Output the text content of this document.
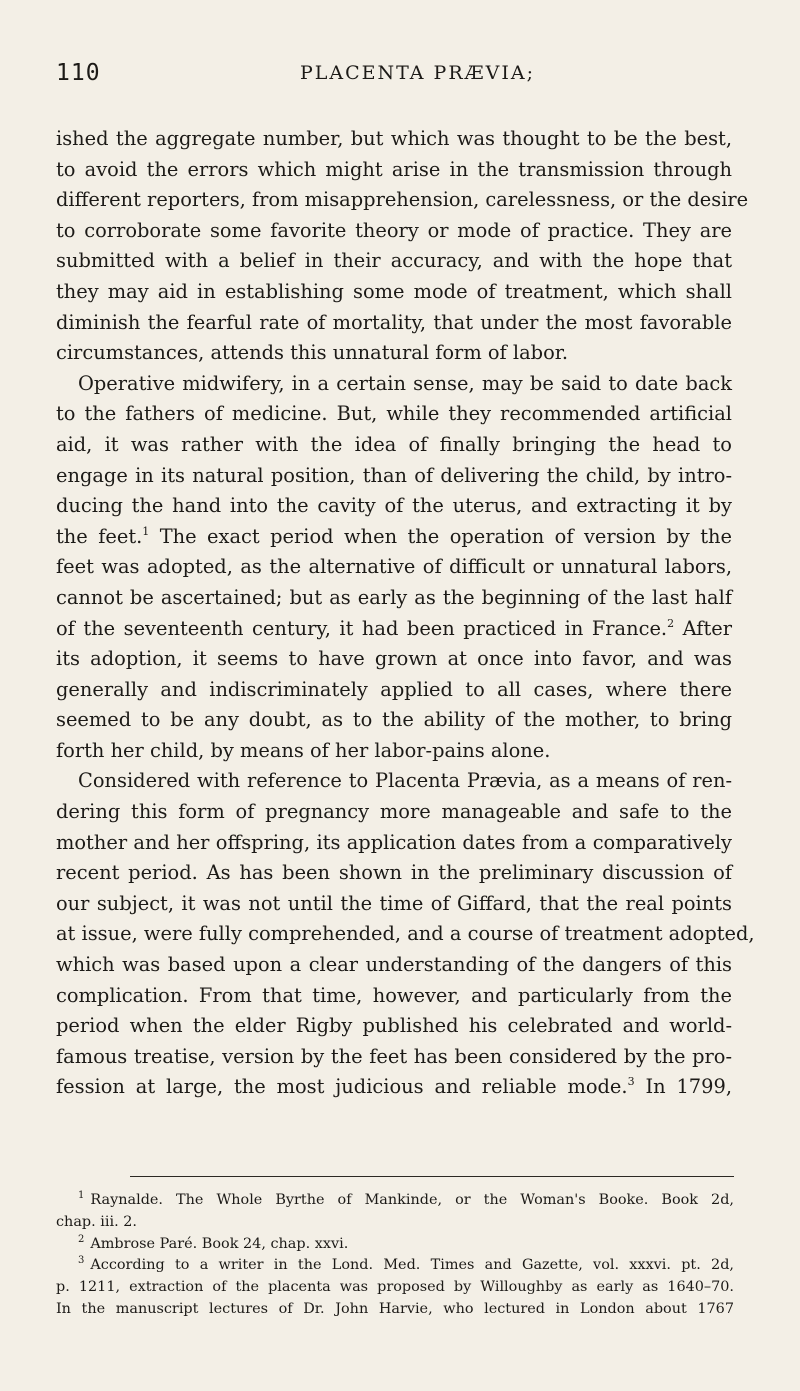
110	PLACENTA PRÆVIA;
ished the aggregate number, but which was thought to be the best,
to avoid the errors which might arise in the transmission through
different reporters, from misapprehension, carelessness, or the desire
to corroborate some favorite theory or mode of practice. They are
submitted with a belief in their accuracy, and with the hope that
they may aid in establishing some mode of treatment, which shall
diminish the fearful rate of mortality, that under the most favorable
circumstances, attends this unnatural form of labor.
Operative midwifery, in a certain sense, may be said to date back
to the fathers of medicine. But, while they recommended artificial
aid, it was rather with the idea of finally bringing the head to
engage in its natural position, than of delivering the child, by intro-
ducing the hand into the cavity of the uterus, and extracting it by
the feet.$^1$ The exact period when the operation of version by the
feet was adopted, as the alternative of difficult or unnatural labors,
cannot be ascertained; but as early as the beginning of the last half
of the seventeenth century, it had been practiced in France.$^2$ After
its adoption, it seems to have grown at once into favor, and was
generally and indiscriminately applied to all cases, where there
seemed to be any doubt, as to the ability of the mother, to bring
forth her child, by means of her labor-pains alone.
Considered with reference to Placenta Prævia, as a means of ren-
dering this form of pregnancy more manageable and safe to the
mother and her offspring, its application dates from a comparatively
recent period. As has been shown in the preliminary discussion of
our subject, it was not until the time of Giffard, that the real points
at issue, were fully comprehended, and a course of treatment adopted,
which was based upon a clear understanding of the dangers of this
complication. From that time, however, and particularly from the
period when the elder Rigby published his celebrated and world-
famous treatise, version by the feet has been considered by the pro-
fession at large, the most judicious and reliable mode.$^3$ In 1799,
$^1$ Raynalde. The Whole Byrthe of Mankinde, or the Woman's Booke. Book 2d,
chap. iii. 2.
$^2$ Ambrose Paré. Book 24, chap. xxvi.
$^3$ According to a writer in the Lond. Med. Times and Gazette, vol. xxxvi. pt. 2d,
p. 1211, extraction of the placenta was proposed by Willoughby as early as 1640–70.
In the manuscript lectures of Dr. John Harvie, who lectured in London about 1767
